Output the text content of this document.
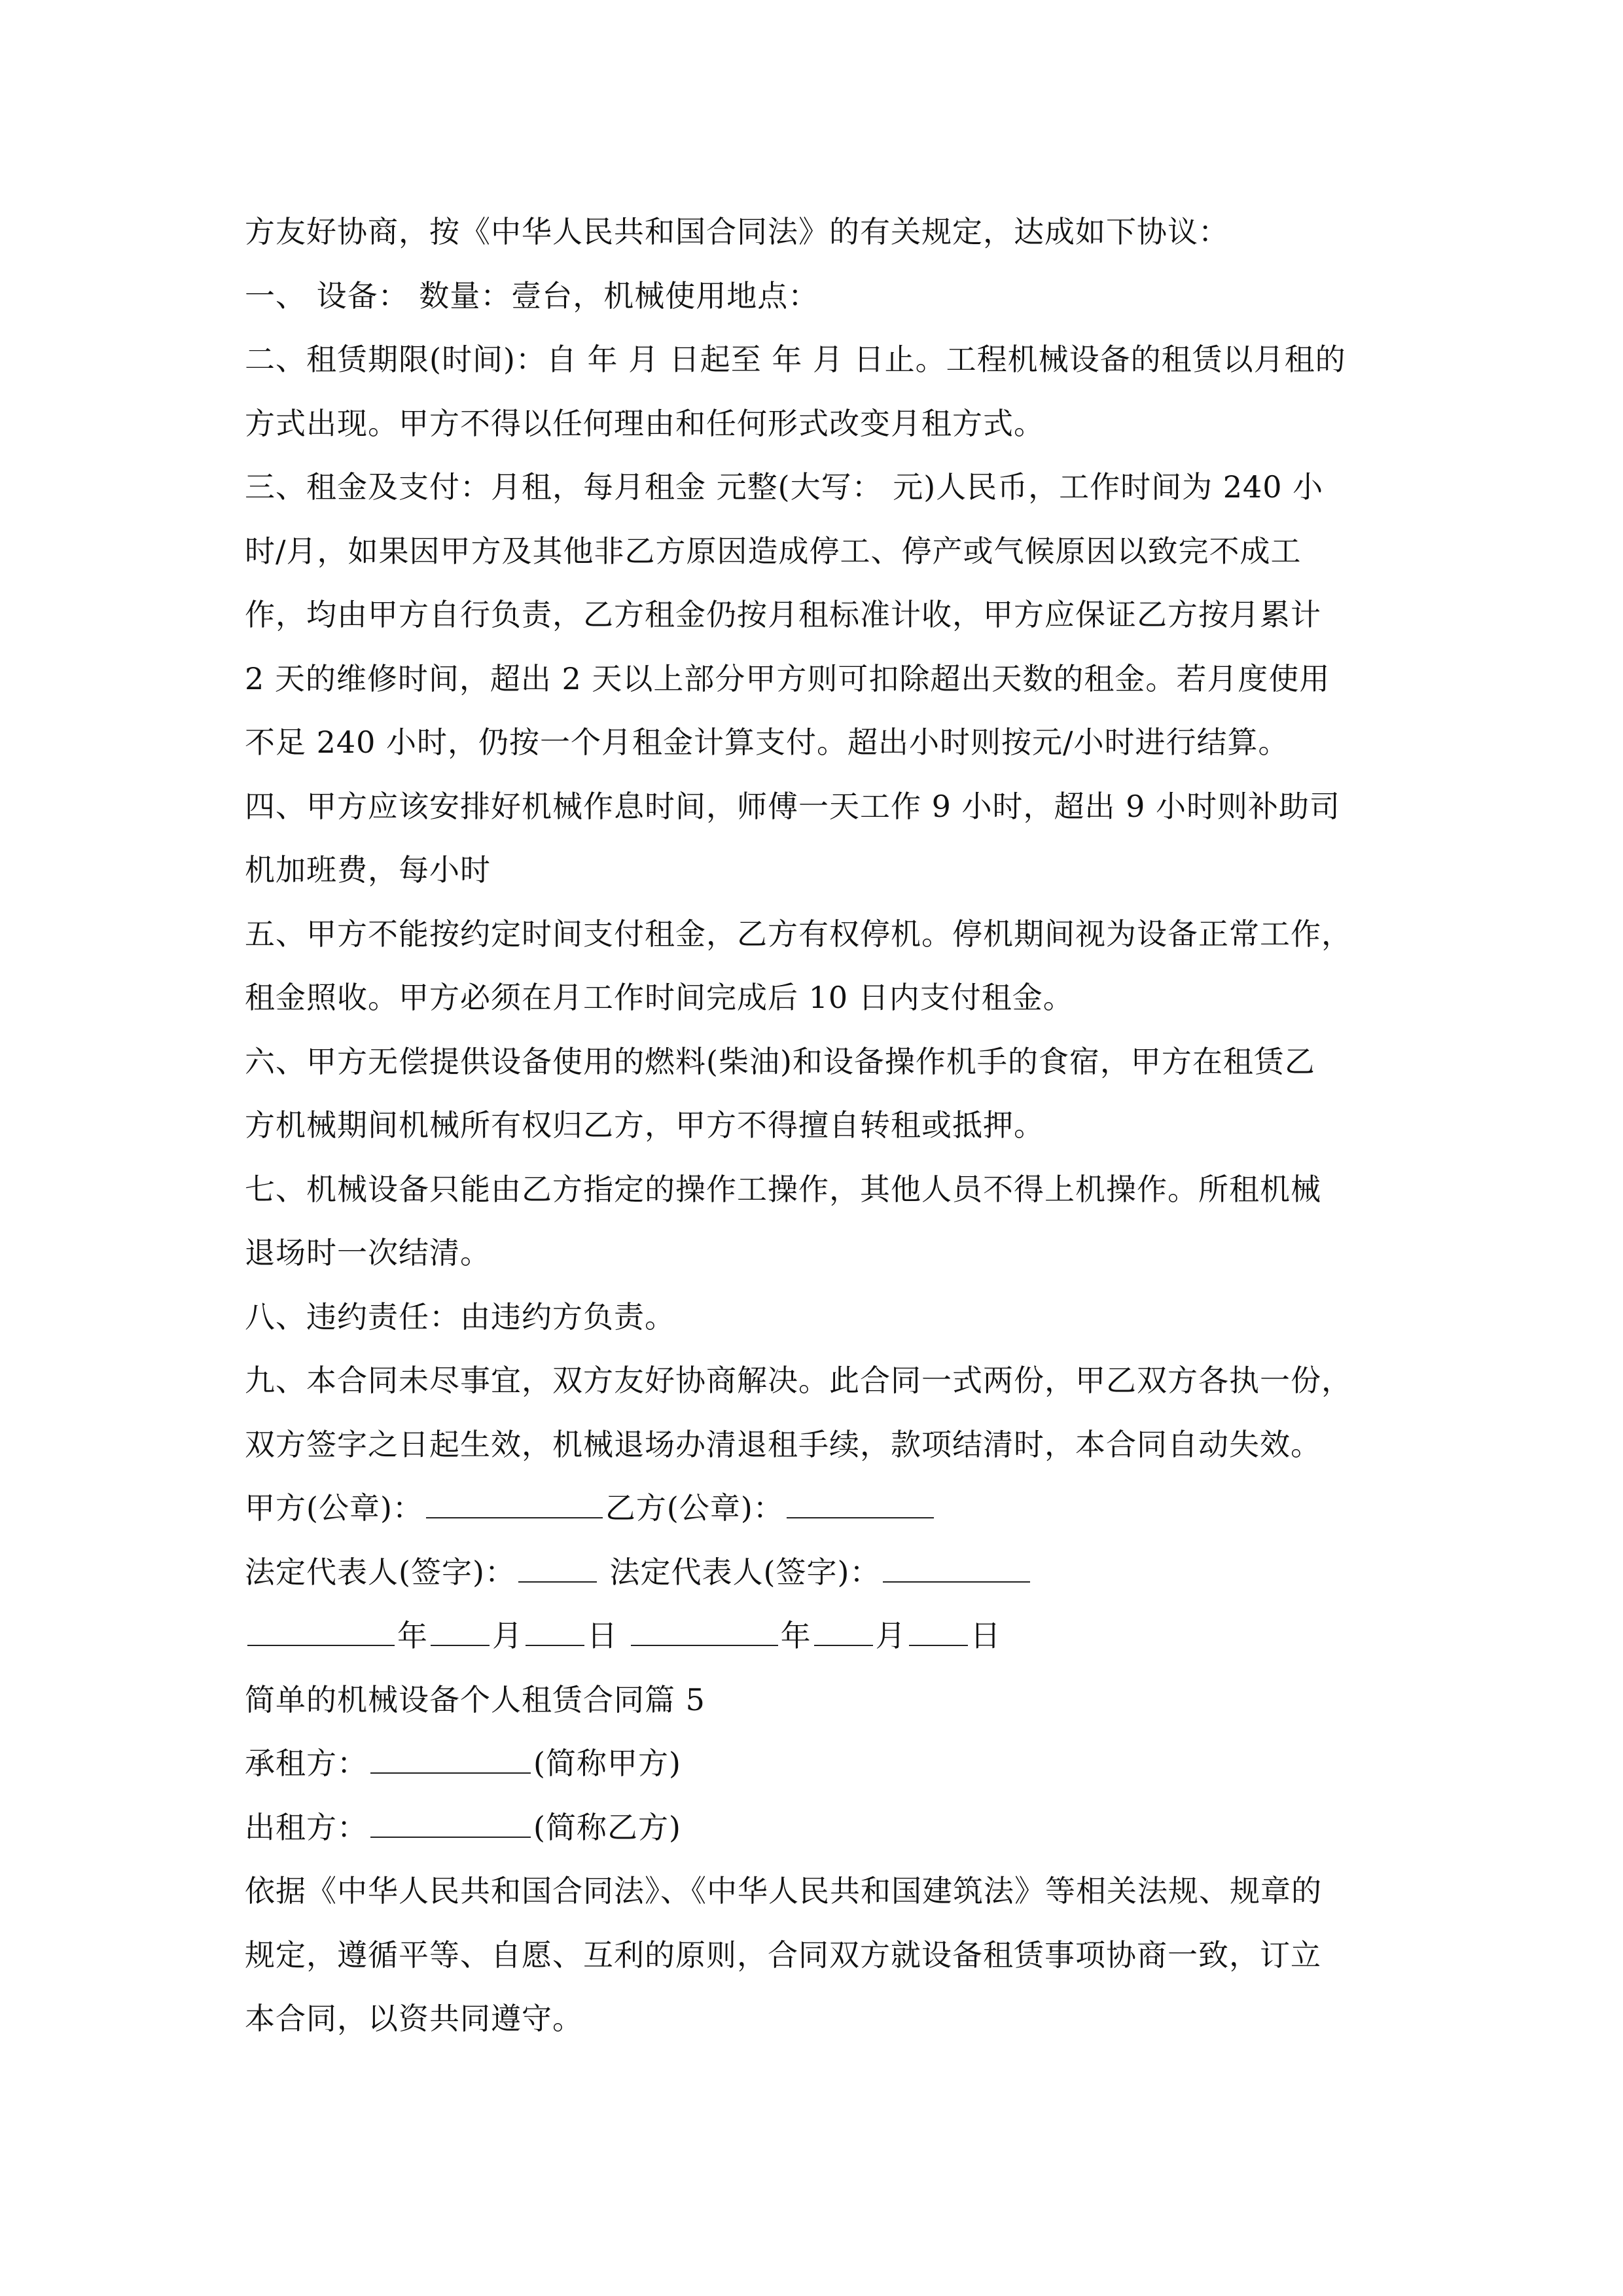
方友好协商，按《中华人民共和国合同法》的有关规定，达成如下协议：
一、 设备： 数量：壹台，机械使用地点：
二、租赁期限(时间)：自 年 月 日起至 年 月 日止。工程机械设备的租赁以月租的
方式出现。甲方不得以任何理由和任何形式改变月租方式。
三、租金及支付：月租，每月租金 元整(大写： 元)人民币，工作时间为 240 小
时/月，如果因甲方及其他非乙方原因造成停工、停产或气候原因以致完不成工
作，均由甲方自行负责，乙方租金仍按月租标准计收，甲方应保证乙方按月累计
2 天的维修时间，超出 2 天以上部分甲方则可扣除超出天数的租金。若月度使用
不足 240 小时，仍按一个月租金计算支付。超出小时则按元/小时进行结算。
四、甲方应该安排好机械作息时间，师傅一天工作 9 小时，超出 9 小时则补助司
机加班费，每小时
五、甲方不能按约定时间支付租金，乙方有权停机。停机期间视为设备正常工作，
租金照收。甲方必须在月工作时间完成后 10 日内支付租金。
六、甲方无偿提供设备使用的燃料(柴油)和设备操作机手的食宿，甲方在租赁乙
方机械期间机械所有权归乙方，甲方不得擅自转租或抵押。
七、机械设备只能由乙方指定的操作工操作，其他人员不得上机操作。所租机械
退场时一次结清。
八、违约责任：由违约方负责。
九、本合同未尽事宜，双方友好协商解决。此合同一式两份，甲乙双方各执一份，
双方签字之日起生效，机械退场办清退租手续，款项结清时，本合同自动失效。
甲方(公章)：	乙方(公章)：
法定代表人(签字)：	法定代表人(签字)：
年 月 日	年 月 日
简单的机械设备个人租赁合同篇 5
承租方：	(简称甲方)
出租方：	(简称乙方)
依据《中华人民共和国合同法》、《中华人民共和国建筑法》等相关法规、规章的
规定，遵循平等、自愿、互利的原则，合同双方就设备租赁事项协商一致，订立
本合同，以资共同遵守。
